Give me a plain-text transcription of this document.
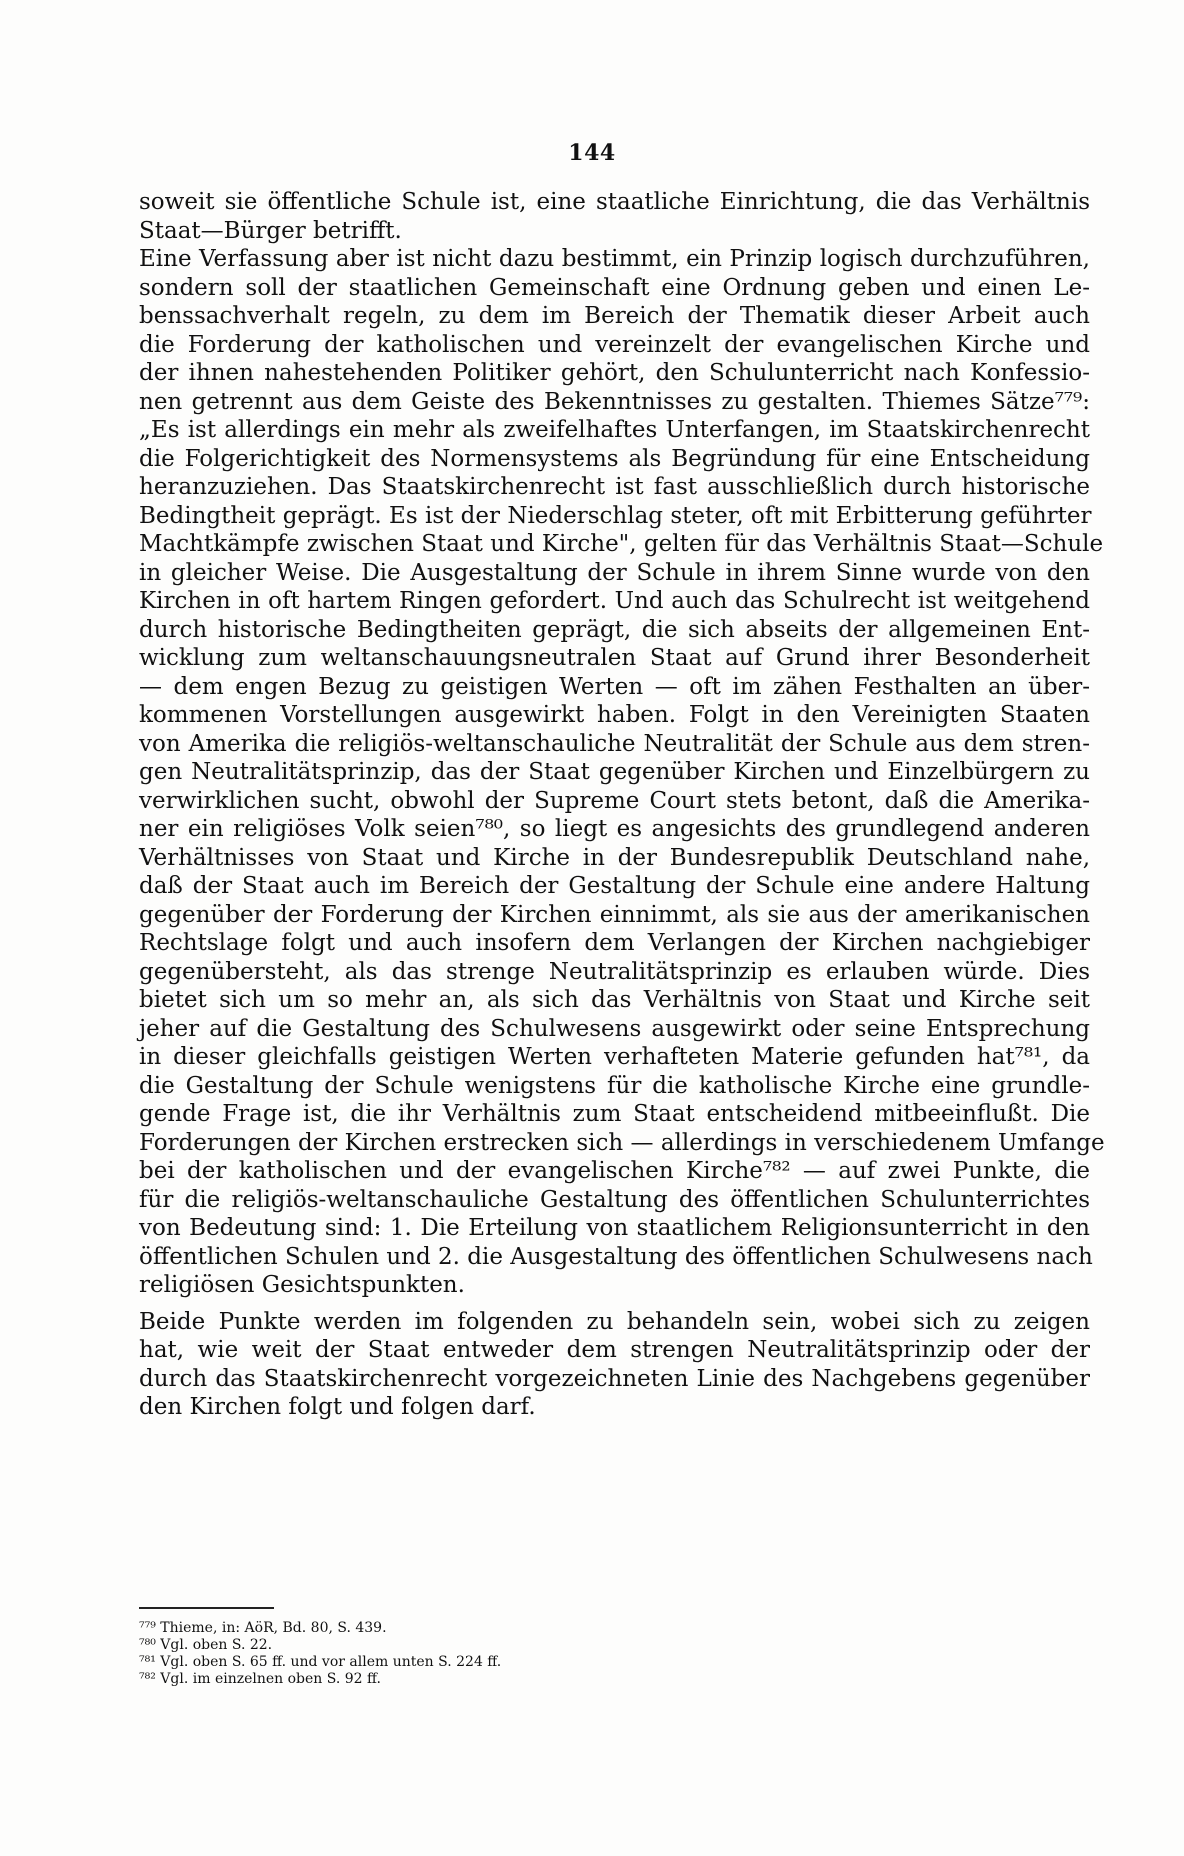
144
soweit sie öffentliche Schule ist, eine staatliche Einrichtung, die das Verhältnis
Staat—Bürger betrifft.
Eine Verfassung aber ist nicht dazu bestimmt, ein Prinzip logisch durchzuführen,
sondern soll der staatlichen Gemeinschaft eine Ordnung geben und einen Le-
benssachverhalt regeln, zu dem im Bereich der Thematik dieser Arbeit auch
die Forderung der katholischen und vereinzelt der evangelischen Kirche und
der ihnen nahestehenden Politiker gehört, den Schulunterricht nach Konfessio-
nen getrennt aus dem Geiste des Bekenntnisses zu gestalten. Thiemes Sätze⁷⁷⁹:
„Es ist allerdings ein mehr als zweifelhaftes Unterfangen, im Staatskirchenrecht
die Folgerichtigkeit des Normensystems als Begründung für eine Entscheidung
heranzuziehen. Das Staatskirchenrecht ist fast ausschließlich durch historische
Bedingtheit geprägt. Es ist der Niederschlag steter, oft mit Erbitterung geführter
Machtkämpfe zwischen Staat und Kirche", gelten für das Verhältnis Staat—Schule
in gleicher Weise. Die Ausgestaltung der Schule in ihrem Sinne wurde von den
Kirchen in oft hartem Ringen gefordert. Und auch das Schulrecht ist weitgehend
durch historische Bedingtheiten geprägt, die sich abseits der allgemeinen Ent-
wicklung zum weltanschauungsneutralen Staat auf Grund ihrer Besonderheit
— dem engen Bezug zu geistigen Werten — oft im zähen Festhalten an über-
kommenen Vorstellungen ausgewirkt haben. Folgt in den Vereinigten Staaten
von Amerika die religiös-weltanschauliche Neutralität der Schule aus dem stren-
gen Neutralitätsprinzip, das der Staat gegenüber Kirchen und Einzelbürgern zu
verwirklichen sucht, obwohl der Supreme Court stets betont, daß die Amerika-
ner ein religiöses Volk seien⁷⁸⁰, so liegt es angesichts des grundlegend anderen
Verhältnisses von Staat und Kirche in der Bundesrepublik Deutschland nahe,
daß der Staat auch im Bereich der Gestaltung der Schule eine andere Haltung
gegenüber der Forderung der Kirchen einnimmt, als sie aus der amerikanischen
Rechtslage folgt und auch insofern dem Verlangen der Kirchen nachgiebiger
gegenübersteht, als das strenge Neutralitätsprinzip es erlauben würde. Dies
bietet sich um so mehr an, als sich das Verhältnis von Staat und Kirche seit
jeher auf die Gestaltung des Schulwesens ausgewirkt oder seine Entsprechung
in dieser gleichfalls geistigen Werten verhafteten Materie gefunden hat⁷⁸¹, da
die Gestaltung der Schule wenigstens für die katholische Kirche eine grundle-
gende Frage ist, die ihr Verhältnis zum Staat entscheidend mitbeeinflußt. Die
Forderungen der Kirchen erstrecken sich — allerdings in verschiedenem Umfange
bei der katholischen und der evangelischen Kirche⁷⁸² — auf zwei Punkte, die
für die religiös-weltanschauliche Gestaltung des öffentlichen Schulunterrichtes
von Bedeutung sind: 1. Die Erteilung von staatlichem Religionsunterricht in den
öffentlichen Schulen und 2. die Ausgestaltung des öffentlichen Schulwesens nach
religiösen Gesichtspunkten.
Beide Punkte werden im folgenden zu behandeln sein, wobei sich zu zeigen
hat, wie weit der Staat entweder dem strengen Neutralitätsprinzip oder der
durch das Staatskirchenrecht vorgezeichneten Linie des Nachgebens gegenüber
den Kirchen folgt und folgen darf.
⁷⁷⁹ Thieme, in: AöR, Bd. 80, S. 439.
⁷⁸⁰ Vgl. oben S. 22.
⁷⁸¹ Vgl. oben S. 65 ff. und vor allem unten S. 224 ff.
⁷⁸² Vgl. im einzelnen oben S. 92 ff.
